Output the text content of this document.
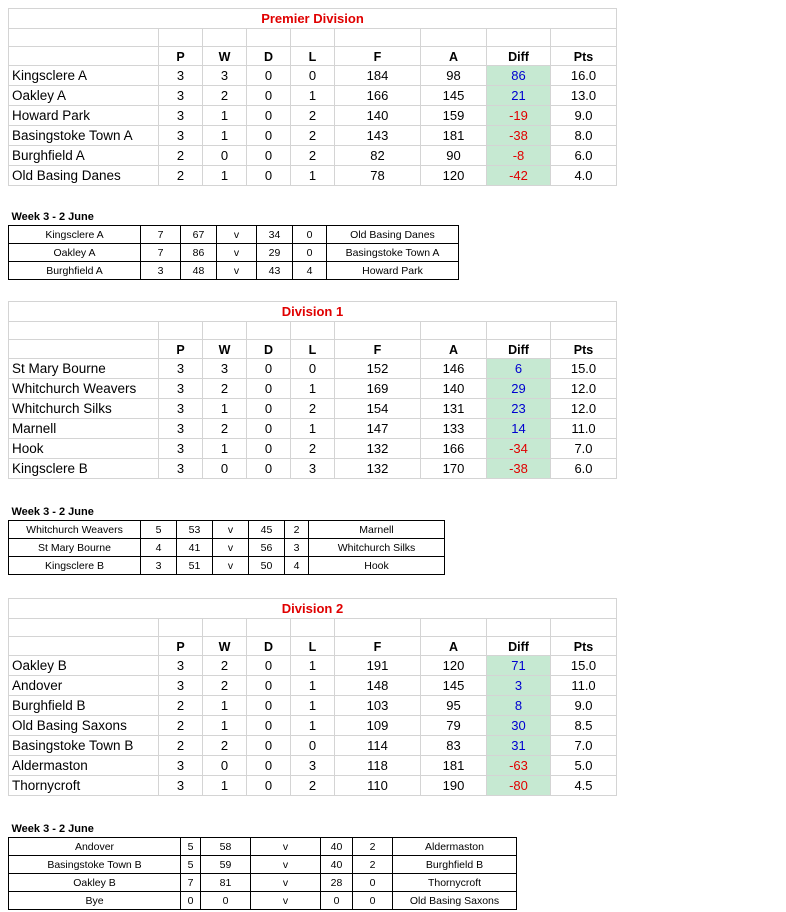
Premier Division								

	P	W	D	L	F	A	Diff	Pts
Kingsclere A	3	3	0	0	184	98	86	16.0
Oakley A	3	2	0	1	166	145	21	13.0
Howard Park	3	1	0	2	140	159	-19	9.0
Basingstoke Town A	3	1	0	2	143	181	-38	8.0
Burghfield A	2	0	0	2	82	90	-8	6.0
Old Basing Danes	2	1	0	1	78	120	-42	4.0
Week 3 - 2 June						
Kingsclere A	7	67	v	34	0	Old Basing Danes
Oakley A	7	86	v	29	0	Basingstoke Town A
Burghfield A	3	48	v	43	4	Howard Park
Division 1								

	P	W	D	L	F	A	Diff	Pts
St Mary Bourne	3	3	0	0	152	146	6	15.0
Whitchurch Weavers	3	2	0	1	169	140	29	12.0
Whitchurch Silks	3	1	0	2	154	131	23	12.0
Marnell	3	2	0	1	147	133	14	11.0
Hook	3	1	0	2	132	166	-34	7.0
Kingsclere B	3	0	0	3	132	170	-38	6.0
Week 3 - 2 June						
Whitchurch Weavers	5	53	v	45	2	Marnell
St Mary Bourne	4	41	v	56	3	Whitchurch Silks
Kingsclere B	3	51	v	50	4	Hook
Division 2								

	P	W	D	L	F	A	Diff	Pts
Oakley B	3	2	0	1	191	120	71	15.0
Andover	3	2	0	1	148	145	3	11.0
Burghfield B	2	1	0	1	103	95	8	9.0
Old Basing Saxons	2	1	0	1	109	79	30	8.5
Basingstoke Town B	2	2	0	0	114	83	31	7.0
Aldermaston	3	0	0	3	118	181	-63	5.0
Thornycroft	3	1	0	2	110	190	-80	4.5
Week 3 - 2 June						
Andover	5	58	v	40	2	Aldermaston
Basingstoke Town B	5	59	v	40	2	Burghfield B
Oakley B	7	81	v	28	0	Thornycroft
Bye	0	0	v	0	0	Old Basing Saxons
